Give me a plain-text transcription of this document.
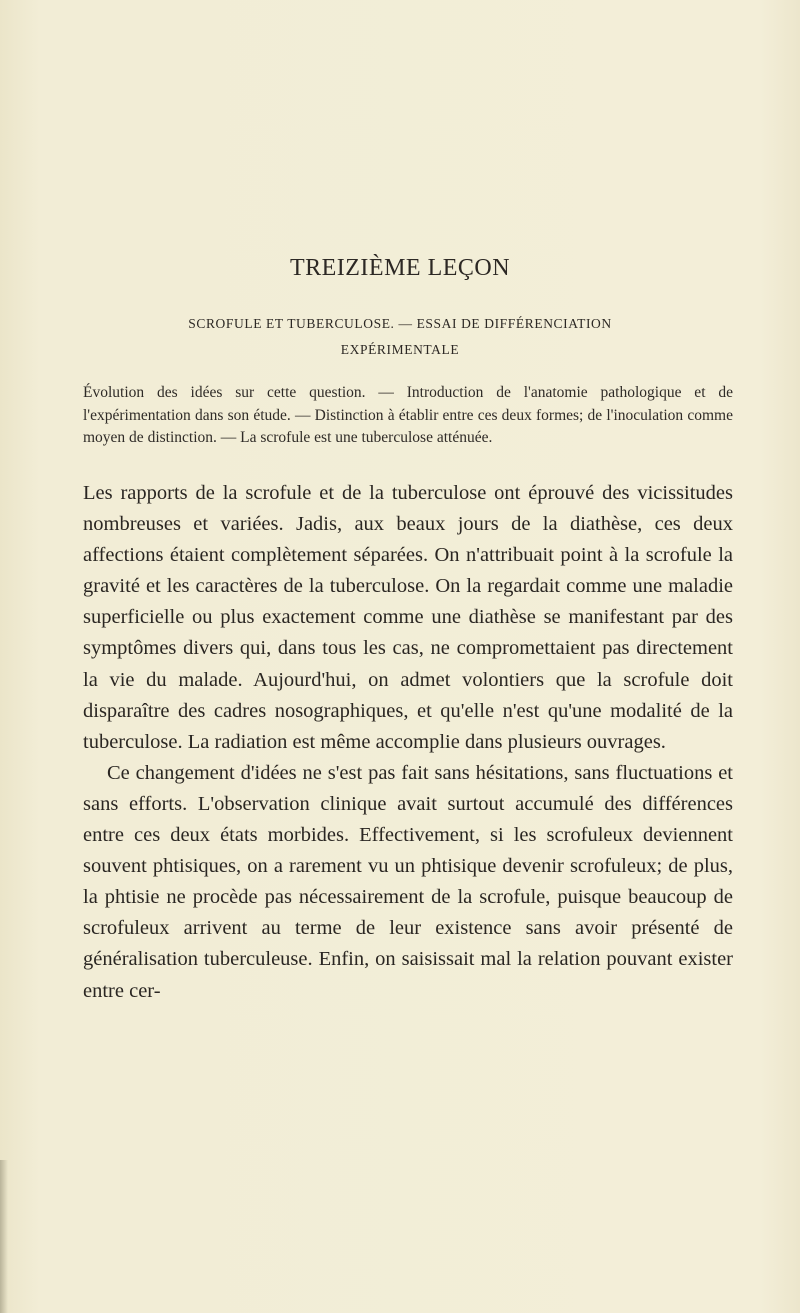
TREIZIÈME LEÇON
SCROFULE ET TUBERCULOSE. — ESSAI DE DIFFÉRENCIATION
EXPÉRIMENTALE
Évolution des idées sur cette question. — Introduction de l'anatomie pathologique et de l'expérimentation dans son étude. — Distinction à établir entre ces deux formes; de l'inoculation comme moyen de distinction. — La scrofule est une tuberculose atténuée.

Les rapports de la scrofule et de la tuberculose ont éprouvé des vicissitudes nombreuses et variées. Jadis, aux beaux jours de la diathèse, ces deux affections étaient complètement séparées. On n'attribuait point à la scrofule la gravité et les caractères de la tuberculose. On la regardait comme une maladie superficielle ou plus exactement comme une diathèse se manifestant par des symptômes divers qui, dans tous les cas, ne compromettaient pas directement la vie du malade. Aujourd'hui, on admet volontiers que la scrofule doit disparaître des cadres nosographiques, et qu'elle n'est qu'une modalité de la tuberculose. La radiation est même accomplie dans plusieurs ouvrages.

Ce changement d'idées ne s'est pas fait sans hésitations, sans fluctuations et sans efforts. L'observation clinique avait surtout accumulé des différences entre ces deux états morbides. Effectivement, si les scrofuleux deviennent souvent phtisiques, on a rarement vu un phtisique devenir scrofuleux; de plus, la phtisie ne procède pas nécessairement de la scrofule, puisque beaucoup de scrofuleux arrivent au terme de leur existence sans avoir présenté de généralisation tuberculeuse. Enfin, on saisissait mal la relation pouvant exister entre cer-
